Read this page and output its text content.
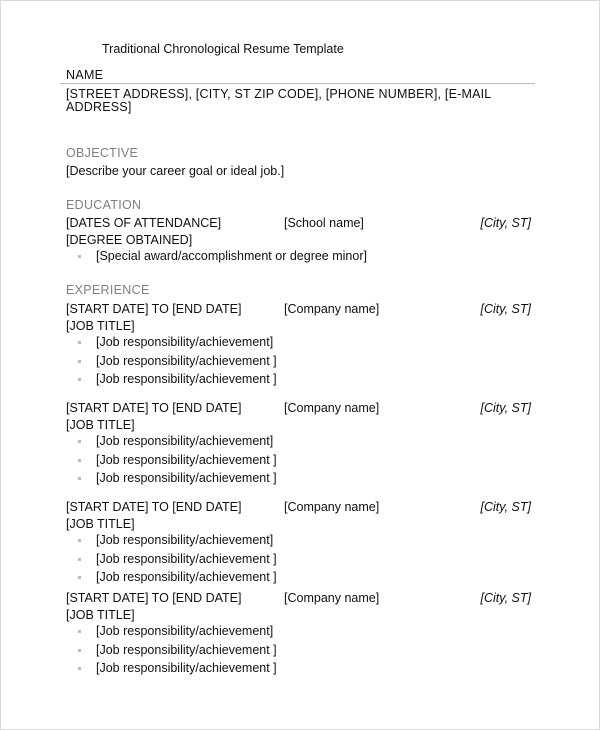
Traditional Chronological Resume Template
NAME
[STREET ADDRESS], [CITY, ST ZIP CODE], [PHONE NUMBER], [E-MAIL ADDRESS]
OBJECTIVE
[Describe your career goal or ideal job.]
EDUCATION
[DATES OF ATTENDANCE]	[School name]	[City, ST]
[DEGREE OBTAINED]
[Special award/accomplishment or degree minor]
EXPERIENCE
[START DATE] TO [END DATE]	[Company name]	[City, ST]
[JOB TITLE]
[Job responsibility/achievement]
[Job responsibility/achievement ]
[Job responsibility/achievement ]
[START DATE] TO [END DATE]	[Company name]	[City, ST]
[JOB TITLE]
[Job responsibility/achievement]
[Job responsibility/achievement ]
[Job responsibility/achievement ]
[START DATE] TO [END DATE]	[Company name]	[City, ST]
[JOB TITLE]
[Job responsibility/achievement]
[Job responsibility/achievement ]
[Job responsibility/achievement ]
[START DATE] TO [END DATE]	[Company name]	[City, ST]
[JOB TITLE]
[Job responsibility/achievement]
[Job responsibility/achievement ]
[Job responsibility/achievement ]
